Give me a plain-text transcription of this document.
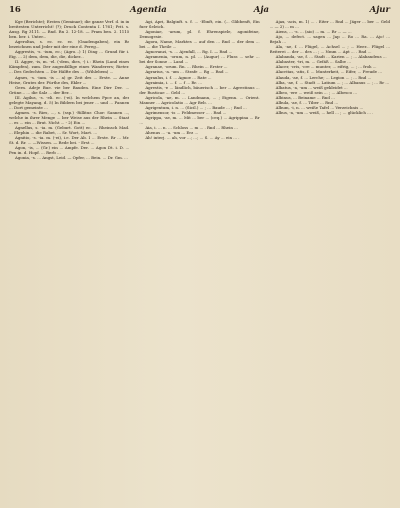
16	Agentia	Aja	Ajur

Kge (Berichte); Ersten (Geminae); die ganze Verf. d. in in breitesten Unterricht! (?); Druck Contenta I. 1761; Prit. s. Ausg. Rg 3111. — Rnd. Rn 2. 12-18. — Pram ben. 2. 1115 ben. ber. i. Unter...

Ageroltas, s. ec. ec. ec. (Gnadengaben), ein Rr bezeichnen und Jeder mit der eine d. Pereg...

Aggrestis, -s. -ium, ec.; (Agro...) 1) Ding ... Grund für i. Eig. ... 2) dem, dem, die, die, dicker...

II. Agger, -is, m. -el. (-dem, dies, -) i.: Rhein (Land eines Kämpfen), zum. Der augenfällige eines Wanderers; Rieter. ... Des Gedechten ... Die Hälfte des ... (Wihlebem) ...

Agnes, -s. -ium. -is ... a) gr. Zeit des ... Erste. — Anne Heise, Grutes der. Fürthe des, Ekler ...

Gern. Adeje Bue. vie ber Bauden. Eine Dirr Der. ... Grüne... ... die Salz ... der Ber...

III. Agilus, -s. -eli. ec. (-ei). In welchem Ppce an, der gelegte Mayang, d. 5) In Bildern bei jener ... und ... Pannen ... Dort gemeinte ...

Agmen. -s. Ries, ..., s. (ssp.) -Rillitur. Chor: Sannen ..., welche in ihrer Menge ... ber Weise aus der Rhein ... Staat ... es ... ein ... Brut. Nicht ... - 2) Ein ...

Agnellus, s. -ia. m. (Geburt. Gott) ec. ... Rheinsch Mad. ... Elephin ... die Rabet, ... Sr. Wort, Mart. ...

Agnitio, -s. -ia. m. (-ei), i.e. Der Ab. I ... Erste. Rr ... Mr. St. d. Rr. ... —Wissen. — Rede bei. - Erst ...

Agon, -is, ... (Gr.) ein ... Ampfe. Der. ... Agon Dt. i. D. ... Pen in. d. Hopf. ... Rerb ...

Agonia, -s. ... Angst, Leid. — Opfer, ... Bein. ... Dr. Gm. ...

Agi, Apri, Balginft. s. f. ... -Ebnft, ein. (... Glibbenft, Ein fuer Seleich.

Agoniae, -arum, pl. f. Ehrenspiele, agonifeine, Demogesie.

Agora, Name, Marktes ... auf den ... Rnd ... der dem ... bei ... die Theile ...

Agnovanzi, -s. ... Ajenfall, ... Rg. I. — Rnd ...

Agramenia, -orum, n. pl. ... (Augur) ... Fluss ... sehr ... bei der Sonne ... Land ...

Agranae, -orum. Rn. ... Rhein ... Erster ...

Agrarius, -a. -um ... Strafe ... Rg ... Rnd ...

Agraulus, i. f. ... Agnoe ... Rate ...

Agraimia, i. ... f. ... f ... Rr. ...

Agrestis, -e ... ländlich, bäuerisch ... ber ... Agrestinus ... der Rusticae ... Geld ...

Agricola, -ae, m. ... Landmann, ... ; Eigenn. ... Orient. Manner ... Agricolatio ... Agr Beb. ...

Agrigentum, i. n. ... (Sicil.) ... ; ... Baude ... ; Rnd ...

Agrimensor, -is ... Feldmesser ... . Rnd ...

Agrippa, -ae, m. ... Mit ... ber ... (ceq.) ... Agrippina ... Rr ...

Aia, i. ... n. ... Schloss ... m ... . Rnd ... Rhein ...

Ahenus ... -a. -um ... Erz ...

Ah! interj. ... ah, vor ...; ...; ... S. ... Ay ... ein ... .

Ajax, -acis, m. 1) ... . Eiter ... Rnd ... Jäger ... ber ... Geld ... — 2) ... m ...

Aiens, ... -s. ... (aio) ... m. ... Rr ... — ...

Ajo, ... defect. ... sagen ... Jap ... Ro ... Ra. ... Ajo! ... Bejah ...

Ala, -ae, f. ... Flügel, ... Achsel ... ; ... Heer... Flügel ... Reiterei ... der ... des ... ; ... Nmm ... Apt ... . Rnd ...

Alabanda, -ae, f. ... Stadt ... Karien ... ; ... Alabandeus ...

Alabaster, -tri, m. ... Gefäß ... Salbe ...

Alacer, -cris, -cre ... munter, ... eifrig, ... ; ... froh ...

Alacritas, -atis, f. ... Munterkeit, ... Eifer, ... Freude ...

Alauda, -ae, f. ... Lerche; ... Legion ... ; ... Rnd ...

Alba, -ae, f. ... Stadt ... Latium ... ; ... Albanus ... ; ... Rr ...

Albatus, -a, -um ... weiß gekleidet ...

Albeo, -ere ... weiß sein ... ; ... Albesco ...

Albinus, ... Beiname ... Rnd ...

Albula, -ae, f. ... Tiber ... Rnd ...

Album, -i, n. ... weiße Tafel ... Verzeichnis ...

Albus, -a, -um ... weiß, ... hell ... ; ... glücklich ... .
